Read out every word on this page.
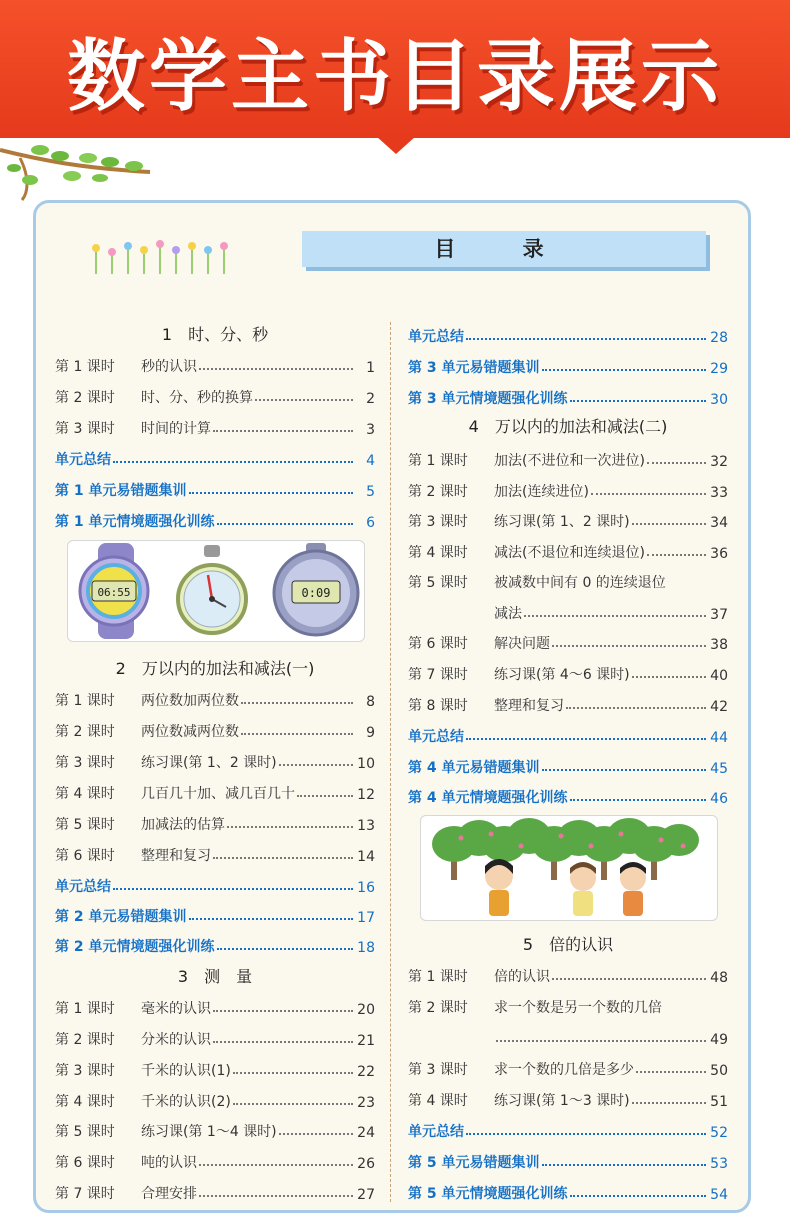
数学主书目录展示
目 录
1　时、分、秒
第 1 课时	秒的认识	1
第 2 课时	时、分、秒的换算	2
第 3 课时	时间的计算	3
单元总结	4
第 1 单元易错题集训	5
第 1 单元情境题强化训练	6
06:55	0:09
2　万以内的加法和减法(一)
第 1 课时	两位数加两位数	8
第 2 课时	两位数减两位数	9
第 3 课时	练习课(第 1、2 课时)	10
第 4 课时	几百几十加、减几百几十	12
第 5 课时	加减法的估算	13
第 6 课时	整理和复习	14
单元总结	16
第 2 单元易错题集训	17
第 2 单元情境题强化训练	18
3　测　量
第 1 课时	毫米的认识	20
第 2 课时	分米的认识	21
第 3 课时	千米的认识(1)	22
第 4 课时	千米的认识(2)	23
第 5 课时	练习课(第 1～4 课时)	24
第 6 课时	吨的认识	26
第 7 课时	合理安排	27
单元总结	28
第 3 单元易错题集训	29
第 3 单元情境题强化训练	30
4　万以内的加法和减法(二)
第 1 课时	加法(不进位和一次进位)	32
第 2 课时	加法(连续进位)	33
第 3 课时	练习课(第 1、2 课时)	34
第 4 课时	减法(不退位和连续退位)	36
第 5 课时	被减数中间有 0 的连续退位
减法	37
第 6 课时	解决问题	38
第 7 课时	练习课(第 4～6 课时)	40
第 8 课时	整理和复习	42
单元总结	44
第 4 单元易错题集训	45
第 4 单元情境题强化训练	46
5　倍的认识
第 1 课时	倍的认识	48
第 2 课时	求一个数是另一个数的几倍
49
第 3 课时	求一个数的几倍是多少	50
第 4 课时	练习课(第 1～3 课时)	51
单元总结	52
第 5 单元易错题集训	53
第 5 单元情境题强化训练	54
